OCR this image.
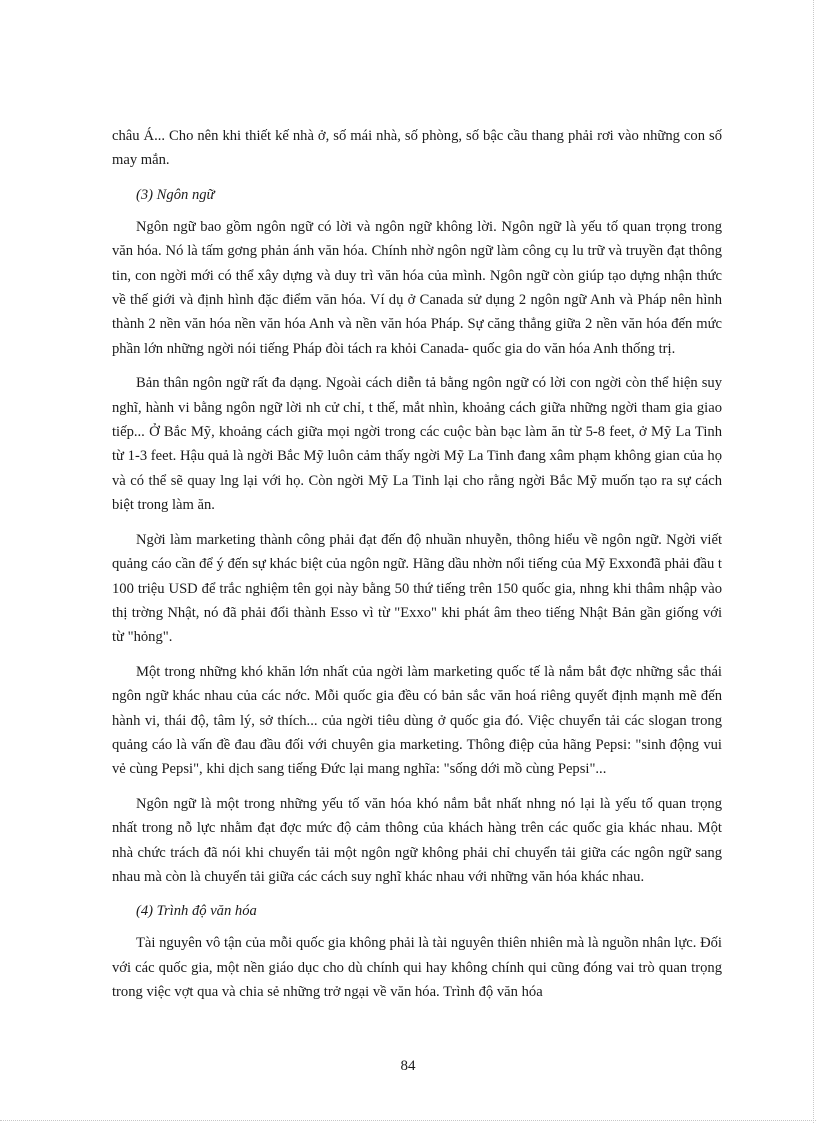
châu Á... Cho nên khi thiết kế nhà ở, số mái nhà, số phòng, số bậc cầu thang phải rơi vào những con số may mắn.

(3) Ngôn ngữ

Ngôn ngữ bao gồm ngôn ngữ có lời và ngôn ngữ không lời. Ngôn ngữ là yếu tố quan trọng trong văn hóa. Nó là tấm gơng phản ánh văn hóa. Chính nhờ ngôn ngữ làm công cụ lu trữ và truyền đạt thông tin, con ngời mới có thể xây dựng và duy trì văn hóa của mình. Ngôn ngữ còn giúp tạo dựng nhận thức về thế giới và định hình đặc điểm văn hóa. Ví dụ ở Canada sử dụng 2 ngôn ngữ Anh và Pháp nên hình thành 2 nền văn hóa nền văn hóa Anh và nền văn hóa Pháp. Sự căng thẳng giữa 2 nền văn hóa đến mức phần lớn những ngời nói tiếng Pháp đòi tách ra khỏi Canada- quốc gia do văn hóa Anh thống trị.

Bản thân ngôn ngữ rất đa dạng. Ngoài cách diễn tả bằng ngôn ngữ có lời con ngời còn thể hiện suy nghĩ, hành vi bằng ngôn ngữ lời nh cử chỉ, t thế, mắt nhìn, khoảng cách giữa những ngời tham gia giao tiếp... Ở Bắc Mỹ, khoảng cách giữa mọi ngời trong các cuộc bàn bạc làm ăn từ 5-8 feet, ở Mỹ La Tinh từ 1-3 feet. Hậu quả là ngời Bắc Mỹ luôn cảm thấy ngời Mỹ La Tinh đang xâm phạm không gian của họ và có thể sẽ quay lng lại với họ. Còn ngời Mỹ La Tinh lại cho rằng ngời Bắc Mỹ muốn tạo ra sự cách biệt trong làm ăn.

Ngời làm marketing thành công phải đạt đến độ nhuần nhuyễn, thông hiểu về ngôn ngữ. Ngời viết quảng cáo cần để ý đến sự khác biệt của ngôn ngữ. Hãng dầu nhờn nổi tiếng của Mỹ Exxonđã phải đầu t 100 triệu USD để trắc nghiệm tên gọi này bằng 50 thứ tiếng trên 150 quốc gia, nhng khi thâm nhập vào thị trờng Nhật, nó đã phải đổi thành Esso vì từ "Exxo" khi phát âm theo tiếng Nhật Bản gần giống với từ "hỏng".

Một trong những khó khăn lớn nhất của ngời làm marketing quốc tế là nắm bắt đợc những sắc thái ngôn ngữ khác nhau của các nớc. Mỗi quốc gia đều có bản sắc văn hoá riêng quyết định mạnh mẽ đến hành vi, thái độ, tâm lý, sở thích... của ngời tiêu dùng ở quốc gia đó. Việc chuyển tải các slogan trong quảng cáo là vấn đề đau đầu đối với chuyên gia marketing. Thông điệp của hãng Pepsi: "sinh động vui vẻ cùng Pepsi", khi dịch sang tiếng Đức lại mang nghĩa: "sống dới mồ cùng Pepsi"...

Ngôn ngữ là một trong những yếu tố văn hóa khó nắm bắt nhất nhng nó lại là yếu tố quan trọng nhất trong nỗ lực nhằm đạt đợc mức độ cảm thông của khách hàng trên các quốc gia khác nhau. Một nhà chức trách đã nói khi chuyển tải một ngôn ngữ không phải chỉ chuyển tải giữa các ngôn ngữ sang nhau mà còn là chuyển tải giữa các cách suy nghĩ khác nhau với những văn hóa khác nhau.

(4) Trình độ văn hóa

Tài nguyên vô tận của mỗi quốc gia không phải là tài nguyên thiên nhiên mà là nguồn nhân lực. Đối với các quốc gia, một nền giáo dục cho dù chính qui hay không chính qui cũng đóng vai trò quan trọng trong việc vợt qua và chia sẻ những trở ngại về văn hóa. Trình độ văn hóa

84
